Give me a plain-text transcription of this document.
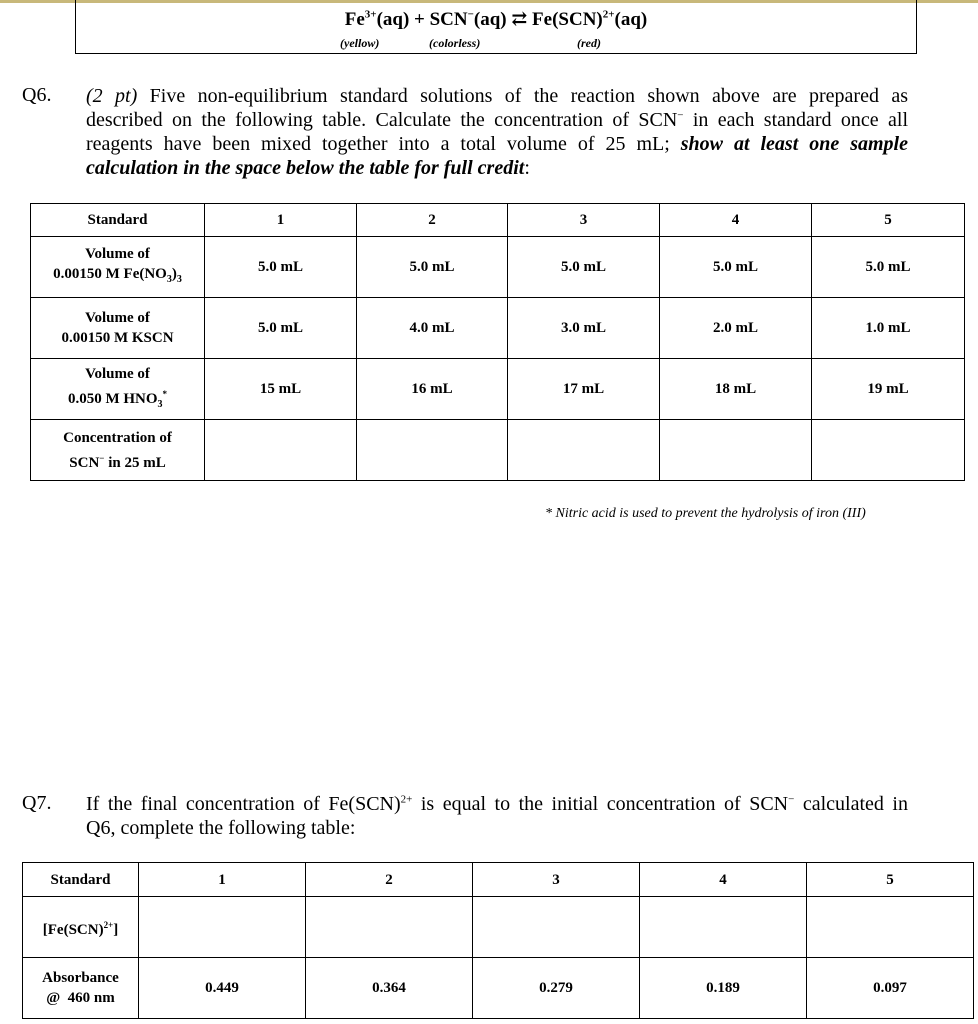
$Fe^{3+}(aq) + SCN^-(aq)$ ⇄ Fe(SCN)$^{2+}$(aq)
(yellow)	(colorless)	(red)
Q6. (2 pt) Five non-equilibrium standard solutions of the reaction shown above are prepared as
described on the following table. Calculate the concentration of SCN− in each standard once all
reagents have been mixed together into a total volume of 25 mL; show at least one sample
calculation in the space below the table for full credit:
Standard	1	2	3	4	5
Volume of
0.00150 M $Fe(NO_3)_3$	5.0 mL	5.0 mL	5.0 mL	5.0 mL	5.0 mL
Volume of
0.00150 M KSCN	5.0 mL	4.0 mL	3.0 mL	2.0 mL	1.0 mL
Volume of
0.050 M $HNO_3^*$	15 mL	16 mL	17 mL	18 mL	19 mL
Concentration of
SCN− in 25 mL					
* Nitric acid is used to prevent the hydrolysis of iron (III)
Q7. If the final concentration of Fe(SCN)$^{2+}$ is equal to the initial concentration of SCN− calculated in
Q6, complete the following table:
Standard	1	2	3	4	5
[Fe(SCN)$^{2+}$]					
Absorbance
@  460 nm	0.449	0.364	0.279	0.189	0.097
